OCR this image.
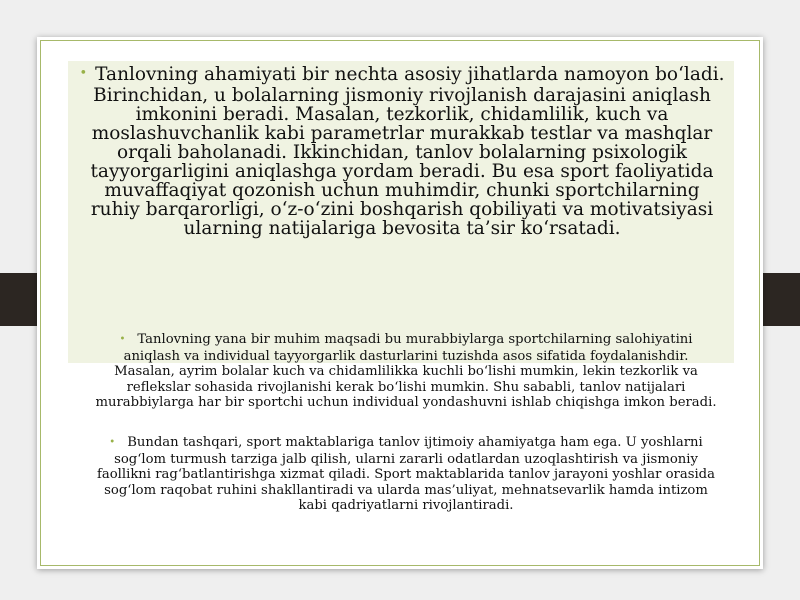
• Tanlovning ahamiyati bir nechta asosiy jihatlarda namoyon bo‘ladi. Birinchidan, u bolalarning jismoniy rivojlanish darajasini aniqlash imkonini beradi. Masalan, tezkorlik, chidamlilik, kuch va moslashuvchanlik kabi parametrlar murakkab testlar va mashqlar orqali baholanadi. Ikkinchidan, tanlov bolalarning psixologik tayyorgarligini aniqlashga yordam beradi. Bu esa sport faoliyatida muvaffaqiyat qozonish uchun muhimdir, chunki sportchilarning ruhiy barqarorligi, o‘z-o‘zini boshqarish qobiliyati va motivatsiyasi ularning natijalariga bevosita ta’sir ko‘rsatadi.

• Tanlovning yana bir muhim maqsadi bu murabbiylarga sportchilarning salohiyatini aniqlash va individual tayyorgarlik dasturlarini tuzishda asos sifatida foydalanishdir. Masalan, ayrim bolalar kuch va chidamlilikka kuchli bo‘lishi mumkin, lekin tezkorlik va reflekslar sohasida rivojlanishi kerak bo‘lishi mumkin. Shu sababli, tanlov natijalari murabbiylarga har bir sportchi uchun individual yondashuvni ishlab chiqishga imkon beradi.

• Bundan tashqari, sport maktablariga tanlov ijtimoiy ahamiyatga ham ega. U yoshlarni sog‘lom turmush tarziga jalb qilish, ularni zararli odatlardan uzoqlashtirish va jismoniy faollikni rag‘batlantirishga xizmat qiladi. Sport maktablarida tanlov jarayoni yoshlar orasida sog‘lom raqobat ruhini shakllantiradi va ularda mas’uliyat, mehnatsevarlik hamda intizom kabi qadriyatlarni rivojlantiradi.
